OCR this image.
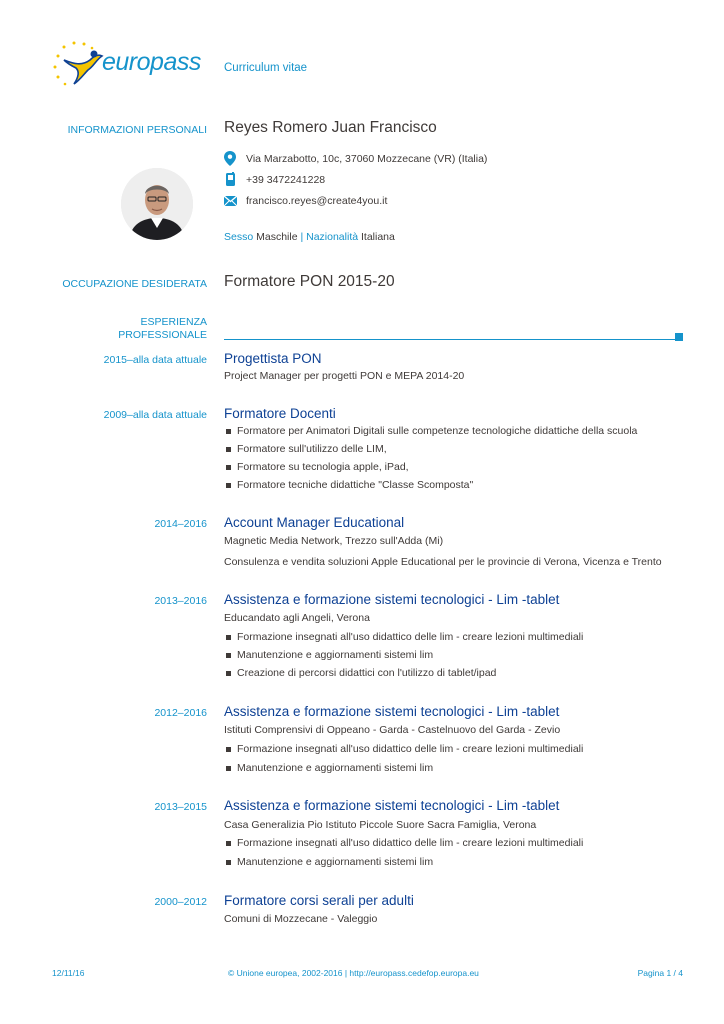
europass Curriculum vitae
INFORMAZIONI PERSONALI Reyes Romero Juan Francisco
Via Marzabotto, 10c, 37060 Mozzecane (VR) (Italia)
+39 3472241228
francisco.reyes@create4you.it
Sesso Maschile | Nazionalità Italiana
OCCUPAZIONE DESIDERATA Formatore PON 2015-20
ESPERIENZA
PROFESSIONALE
2015–alla data attuale Progettista PON
Project Manager per progetti PON e MEPA 2014-20
2009–alla data attuale Formatore Docenti
Formatore per Animatori Digitali sulle competenze tecnologiche didattiche della scuola
Formatore sull'utilizzo delle LIM,
Formatore su tecnologia apple, iPad,
Formatore tecniche didattiche "Classe Scomposta"
2014–2016 Account Manager Educational
Magnetic Media Network, Trezzo sull'Adda (Mi)
Consulenza e vendita soluzioni Apple Educational per le provincie di Verona, Vicenza e Trento
2013–2016 Assistenza e formazione sistemi tecnologici - Lim -tablet
Educandato agli Angeli, Verona
Formazione insegnati all'uso didattico delle lim - creare lezioni multimediali
Manutenzione e aggiornamenti sistemi lim
Creazione di percorsi didattici con l'utilizzo di tablet/ipad
2012–2016 Assistenza e formazione sistemi tecnologici - Lim -tablet
Istituti Comprensivi di Oppeano - Garda - Castelnuovo del Garda - Zevio
Formazione insegnati all'uso didattico delle lim - creare lezioni multimediali
Manutenzione e aggiornamenti sistemi lim
2013–2015 Assistenza e formazione sistemi tecnologici - Lim -tablet
Casa Generalizia Pio Istituto Piccole Suore Sacra Famiglia, Verona
Formazione insegnati all'uso didattico delle lim - creare lezioni multimediali
Manutenzione e aggiornamenti sistemi lim
2000–2012 Formatore corsi serali per adulti
Comuni di Mozzecane - Valeggio
12/11/16	© Unione europea, 2002-2016 | http://europass.cedefop.europa.eu	Pagina 1 / 4
